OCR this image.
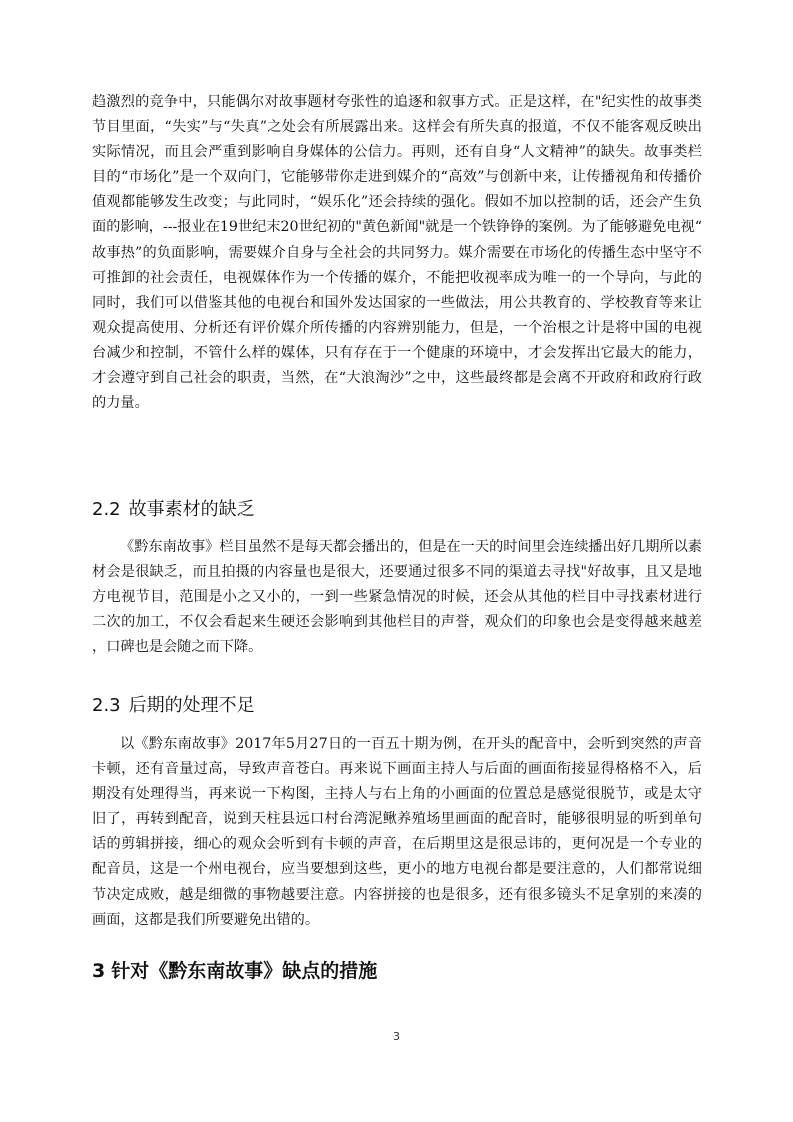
趋激烈的竞争中，只能偶尔对故事题材夸张性的追逐和叙事方式。正是这样，在"纪实性的故事类节目里面，“失实”与“失真”之处会有所展露出来。这样会有所失真的报道，不仅不能客观反映出实际情况，而且会严重到影响自身媒体的公信力。再则，还有自身“人文精神”的缺失。故事类栏目的“市场化”是一个双向门，它能够带你走进到媒介的“高效”与创新中来，让传播视角和传播价值观都能够发生改变；与此同时，“娱乐化”还会持续的强化。假如不加以控制的话，还会产生负面的影响，---报业在19世纪末20世纪初的"黄色新闻"就是一个铁铮铮的案例。为了能够避免电视“故事热”的负面影响，需要媒介自身与全社会的共同努力。媒介需要在市场化的传播生态中坚守不可推卸的社会责任，电视媒体作为一个传播的媒介，不能把收视率成为唯一的一个导向，与此的同时，我们可以借鉴其他的电视台和国外发达国家的一些做法，用公共教育的、学校教育等来让观众提高使用、分析还有评价媒介所传播的内容辨别能力，但是，一个治根之计是将中国的电视台减少和控制，不管什么样的媒体，只有存在于一个健康的环境中，才会发挥出它最大的能力，才会遵守到自己社会的职责，当然，在“大浪淘沙”之中，这些最终都是会离不开政府和政府行政的力量。

2.2 故事素材的缺乏

《黔东南故事》栏目虽然不是每天都会播出的，但是在一天的时间里会连续播出好几期所以素材会是很缺乏，而且拍摄的内容量也是很大，还要通过很多不同的渠道去寻找"好故事，且又是地方电视节目，范围是小之又小的，一到一些紧急情况的时候，还会从其他的栏目中寻找素材进行二次的加工，不仅会看起来生硬还会影响到其他栏目的声誉，观众们的印象也会是变得越来越差，口碑也是会随之而下降。

2.3 后期的处理不足

以《黔东南故事》2017年5月27日的一百五十期为例，在开头的配音中，会听到突然的声音卡顿，还有音量过高，导致声音苍白。再来说下画面主持人与后面的画面衔接显得格格不入，后期没有处理得当，再来说一下构图，主持人与右上角的小画面的位置总是感觉很脱节，或是太守旧了，再转到配音，说到天柱县远口村台湾泥鳅养殖场里画面的配音时，能够很明显的听到单句话的剪辑拼接，细心的观众会听到有卡顿的声音，在后期里这是很忌讳的，更何况是一个专业的配音员，这是一个州电视台，应当要想到这些，更小的地方电视台都是要注意的，人们都常说细节决定成败，越是细微的事物越要注意。内容拼接的也是很多，还有很多镜头不足拿别的来凑的画面，这都是我们所要避免出错的。

3 针对《黔东南故事》缺点的措施
3
